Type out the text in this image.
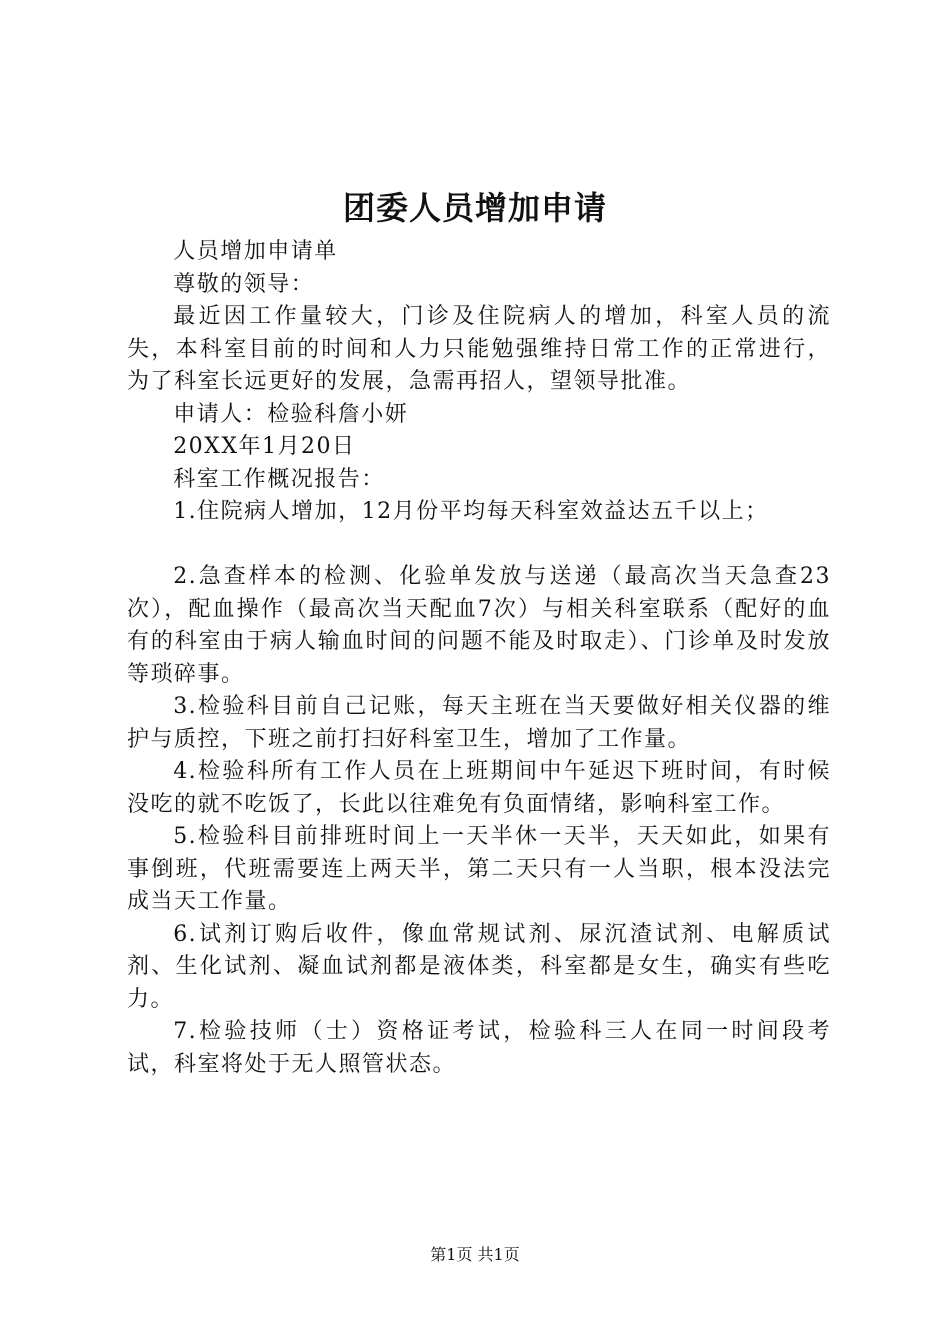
团委人员增加申请

人员增加申请单

尊敬的领导：

最近因工作量较大，门诊及住院病人的增加，科室人员的流失，本科室目前的时间和人力只能勉强维持日常工作的正常进行，为了科室长远更好的发展，急需再招人，望领导批准。

申请人：检验科詹小妍

20XX年1月20日

科室工作概况报告：

1.住院病人增加，12月份平均每天科室效益达五千以上；

2.急查样本的检测、化验单发放与送递（最高次当天急查23次），配血操作（最高次当天配血7次）与相关科室联系（配好的血有的科室由于病人输血时间的问题不能及时取走）、门诊单及时发放等琐碎事。

3.检验科目前自己记账，每天主班在当天要做好相关仪器的维护与质控，下班之前打扫好科室卫生，增加了工作量。

4.检验科所有工作人员在上班期间中午延迟下班时间，有时候没吃的就不吃饭了，长此以往难免有负面情绪，影响科室工作。

5.检验科目前排班时间上一天半休一天半，天天如此，如果有事倒班，代班需要连上两天半，第二天只有一人当职，根本没法完成当天工作量。

6.试剂订购后收件，像血常规试剂、尿沉渣试剂、电解质试剂、生化试剂、凝血试剂都是液体类，科室都是女生，确实有些吃力。

7.检验技师（士）资格证考试，检验科三人在同一时间段考试，科室将处于无人照管状态。

第1页 共1页
